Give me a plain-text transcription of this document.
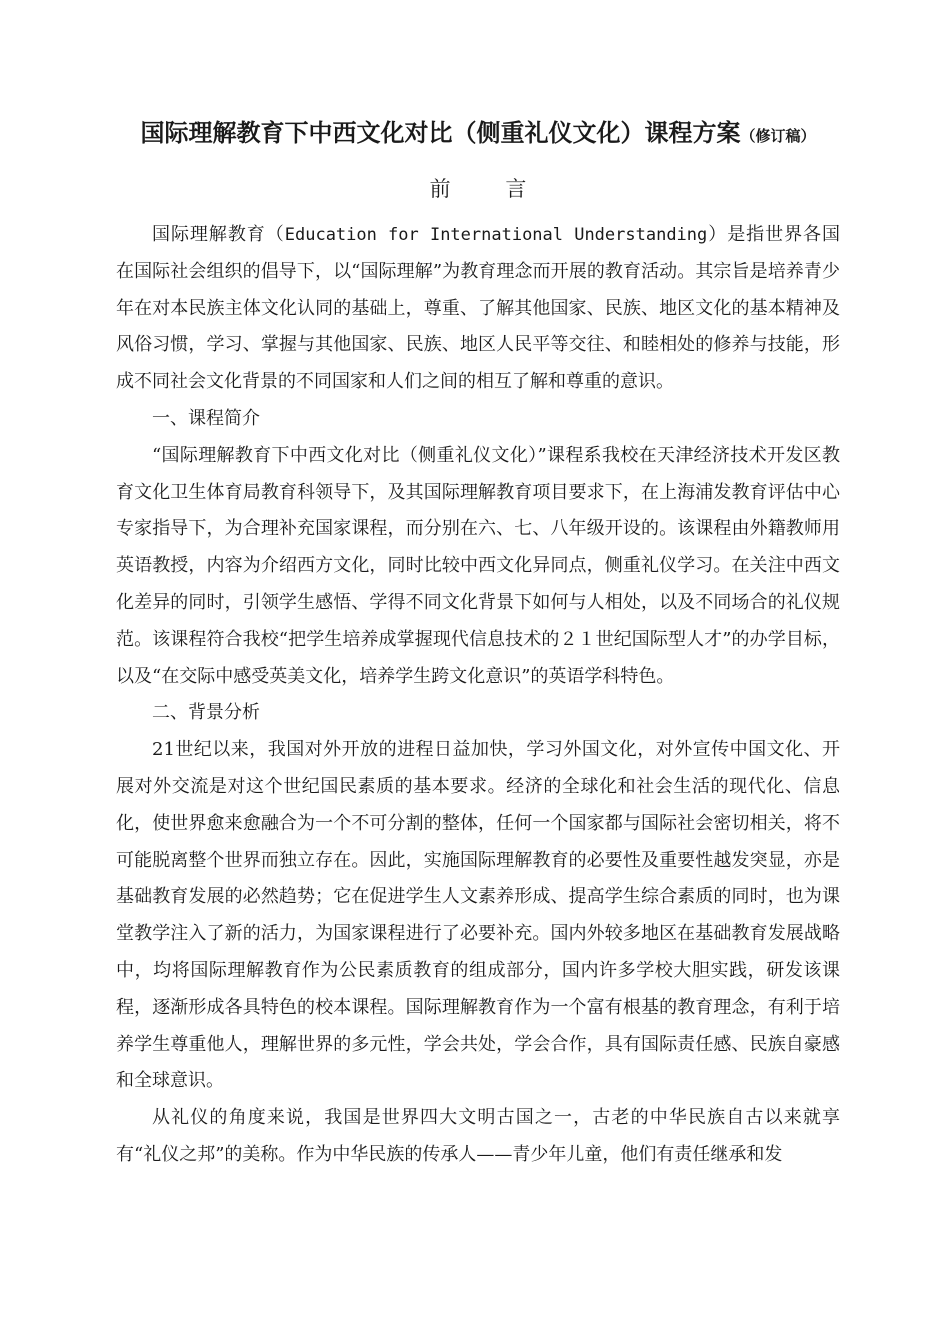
国际理解教育下中西文化对比（侧重礼仪文化）课程方案（修订稿）
前 言

国际理解教育（Education for International Understanding）是指世界各国在国际社会组织的倡导下，以“国际理解”为教育理念而开展的教育活动。其宗旨是培养青少年在对本民族主体文化认同的基础上，尊重、了解其他国家、民族、地区文化的基本精神及风俗习惯，学习、掌握与其他国家、民族、地区人民平等交往、和睦相处的修养与技能，形成不同社会文化背景的不同国家和人们之间的相互了解和尊重的意识。

一、课程简介

“国际理解教育下中西文化对比（侧重礼仪文化）”课程系我校在天津经济技术开发区教育文化卫生体育局教育科领导下，及其国际理解教育项目要求下，在上海浦发教育评估中心专家指导下，为合理补充国家课程，而分别在六、七、八年级开设的。该课程由外籍教师用英语教授，内容为介绍西方文化，同时比较中西文化异同点，侧重礼仪学习。在关注中西文化差异的同时，引领学生感悟、学得不同文化背景下如何与人相处，以及不同场合的礼仪规范。该课程符合我校“把学生培养成掌握现代信息技术的２１世纪国际型人才”的办学目标，以及“在交际中感受英美文化，培养学生跨文化意识”的英语学科特色。

二、背景分析

21世纪以来，我国对外开放的进程日益加快，学习外国文化，对外宣传中国文化、开展对外交流是对这个世纪国民素质的基本要求。经济的全球化和社会生活的现代化、信息化，使世界愈来愈融合为一个不可分割的整体，任何一个国家都与国际社会密切相关，将不可能脱离整个世界而独立存在。因此，实施国际理解教育的必要性及重要性越发突显，亦是基础教育发展的必然趋势；它在促进学生人文素养形成、提高学生综合素质的同时，也为课堂教学注入了新的活力，为国家课程进行了必要补充。国内外较多地区在基础教育发展战略中，均将国际理解教育作为公民素质教育的组成部分，国内许多学校大胆实践，研发该课程，逐渐形成各具特色的校本课程。国际理解教育作为一个富有根基的教育理念，有利于培养学生尊重他人，理解世界的多元性，学会共处，学会合作，具有国际责任感、民族自豪感和全球意识。

从礼仪的角度来说，我国是世界四大文明古国之一，古老的中华民族自古以来就享有“礼仪之邦”的美称。作为中华民族的传承人——青少年儿童，他们有责任继承和发
